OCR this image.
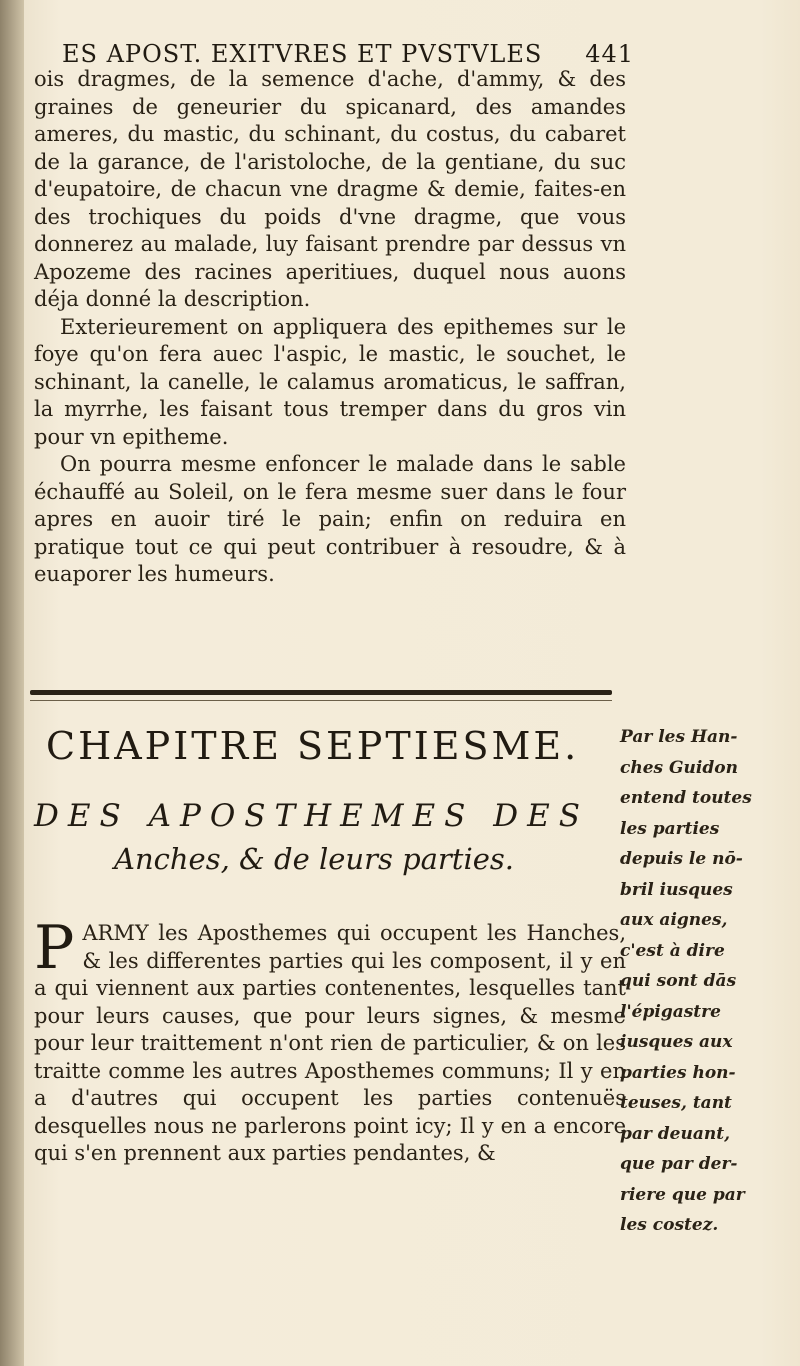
ES APOST. EXITVRES ET PVSTVLES 441

ois dragmes, de la semence d'ache, d'ammy, & des graines de geneurier du spicanard, des amandes ameres, du mastic, du schinant, du costus, du cabaret de la garance, de l'aristoloche, de la gentiane, du suc d'eupatoire, de chacun vne dragme & demie, faites-en des trochiques du poids d'vne dragme, que vous donnerez au malade, luy faisant prendre par dessus vn Apozeme des racines aperitiues, duquel nous auons déja donné la description.

Exterieurement on appliquera des epithemes sur le foye qu'on fera auec l'aspic, le mastic, le souchet, le schinant, la canelle, le calamus aromaticus, le saffran, la myrrhe, les faisant tous tremper dans du gros vin pour vn epitheme.

On pourra mesme enfoncer le malade dans le sable échauffé au Soleil, on le fera mesme suer dans le four apres en auoir tiré le pain; enfin on reduira en pratique tout ce qui peut contribuer à resoudre, & à euaporer les humeurs.

CHAPITRE SEPTIESME.
DES APOSTHEMES DES
Anches, & de leurs parties.

PARMY les Aposthemes qui occupent les Hanches, & les differentes parties qui les composent, il y en a qui viennent aux parties contenentes, lesquelles tant pour leurs causes, que pour leurs signes, & mesme pour leur traittement n'ont rien de particulier, & on les traitte comme les autres Aposthemes communs; Il y en a d'autres qui occupent les parties contenuës desquelles nous ne parlerons point icy; Il y en a encore qui s'en prennent aux parties pendantes, &

Par les Han-
ches Guidon
entend toutes
les parties
depuis le nō-
bril iusques
aux aignes,
c'est à dire
qui sont dās
l'épigastre
iusques aux
parties hon-
teuses, tant
par deuant,
que par der-
riere que par
les costez.
